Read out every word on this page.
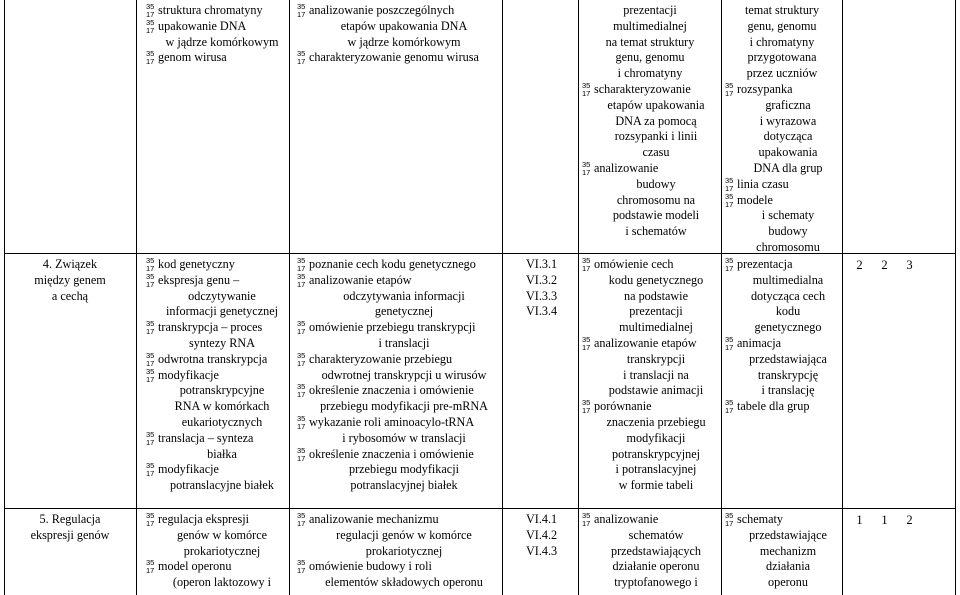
35
17 struktura chromatyny
35
17 upakowanie DNA
w jądrze komórkowym
35
17 genom wirusa
35
17 analizowanie poszczególnych
etapów upakowania DNA
w jądrze komórkowym
35
17 charakteryzowanie genomu wirusa
prezentacji
multimedialnej
na temat struktury
genu, genomu
i chromatyny
35
17 scharakteryzowanie
etapów upakowania
DNA za pomocą
rozsypanki i linii
czasu
35
17 analizowanie
budowy
chromosomu na
podstawie modeli
i schematów
temat struktury
genu, genomu
i chromatyny
przygotowana
przez uczniów
35
17 rozsypanka
graficzna
i wyrazowa
dotycząca
upakowania
DNA dla grup
35
17 linia czasu
35
17 modele
i schematy
budowy
chromosomu
4. Związek
między genem
a cechą
35
17 kod genetyczny
35
17 ekspresja genu –
odczytywanie
informacji genetycznej
35
17 transkrypcja – proces
syntezy RNA
35
17 odwrotna transkrypcja
35
17 modyfikacje
potranskrypcyjne
RNA w komórkach
eukariotycznych
35
17 translacja – synteza
białka
35
17 modyfikacje
potranslacyjne białek
35
17 poznanie cech kodu genetycznego
35
17 analizowanie etapów
odczytywania informacji
genetycznej
35
17 omówienie przebiegu transkrypcji
i translacji
35
17 charakteryzowanie przebiegu
odwrotnej transkrypcji u wirusów
35
17 określenie znaczenia i omówienie
przebiegu modyfikacji pre-mRNA
35
17 wykazanie roli aminoacylo-tRNA
i rybosomów w translacji
35
17 określenie znaczenia i omówienie
przebiegu modyfikacji
potranslacyjnej białek
VI.3.1
VI.3.2
VI.3.3
VI.3.4
35
17 omówienie cech
kodu genetycznego
na podstawie
prezentacji
multimedialnej
35
17 analizowanie etapów
transkrypcji
i translacji na
podstawie animacji
35
17 porównanie
znaczenia przebiegu
modyfikacji
potranskrypcyjnej
i potranslacyjnej
w formie tabeli
35
17 prezentacja
multimedialna
dotycząca cech
kodu
genetycznego
35
17 animacja
przedstawiająca
transkrypcję
i translację
35
17 tabele dla grup
2 2 3
5. Regulacja
ekspresji genów
35
17 regulacja ekspresji
genów w komórce
prokariotycznej
35
17 model operonu
(operon laktozowy i
35
17 analizowanie mechanizmu
regulacji genów w komórce
prokariotycznej
35
17 omówienie budowy i roli
elementów składowych operonu
VI.4.1
VI.4.2
VI.4.3
35
17 analizowanie
schematów
przedstawiających
działanie operonu
tryptofanowego i
35
17 schematy
przedstawiające
mechanizm
działania
operonu
1 1 2
